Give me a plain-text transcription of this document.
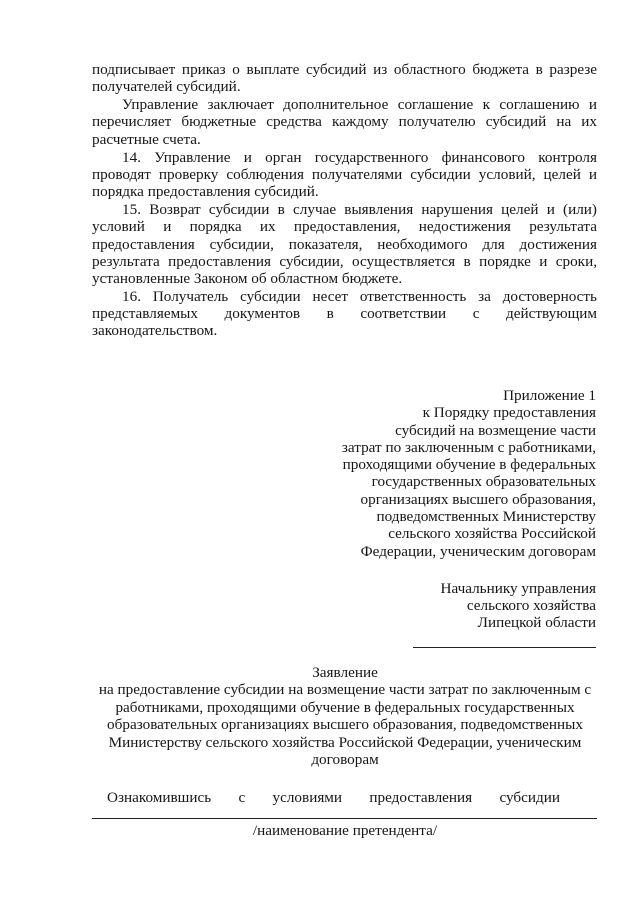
подписывает приказ о выплате субсидий из областного бюджета в разрезе
получателей субсидий.
Управление заключает дополнительное соглашение к соглашению и
перечисляет бюджетные средства каждому получателю субсидий на их
расчетные счета.
14. Управление и орган государственного финансового контроля
проводят проверку соблюдения получателями субсидии условий, целей и
порядка предоставления субсидий.
15. Возврат субсидии в случае выявления нарушения целей и (или)
условий и порядка их предоставления, недостижения результата
предоставления субсидии, показателя, необходимого для достижения
результата предоставления субсидии, осуществляется в порядке и сроки,
установленные Законом об областном бюджете.
16. Получатель субсидии несет ответственность за достоверность
представляемых документов в соответствии с действующим
законодательством.
Приложение 1
к Порядку предоставления
субсидий на возмещение части
затрат по заключенным с работниками,
проходящими обучение в федеральных
государственных образовательных
организациях высшего образования,
подведомственных Министерству
сельского хозяйства Российской
Федерации, ученическим договорам
Начальнику управления
сельского хозяйства
Липецкой области
Заявление
на предоставление субсидии на возмещение части затрат по заключенным с
работниками, проходящими обучение в федеральных государственных
образовательных организациях высшего образования, подведомственных
Министерству сельского хозяйства Российской Федерации, ученическим
договорам
Ознакомившись с условиями предоставления субсидии
/наименование претендента/
